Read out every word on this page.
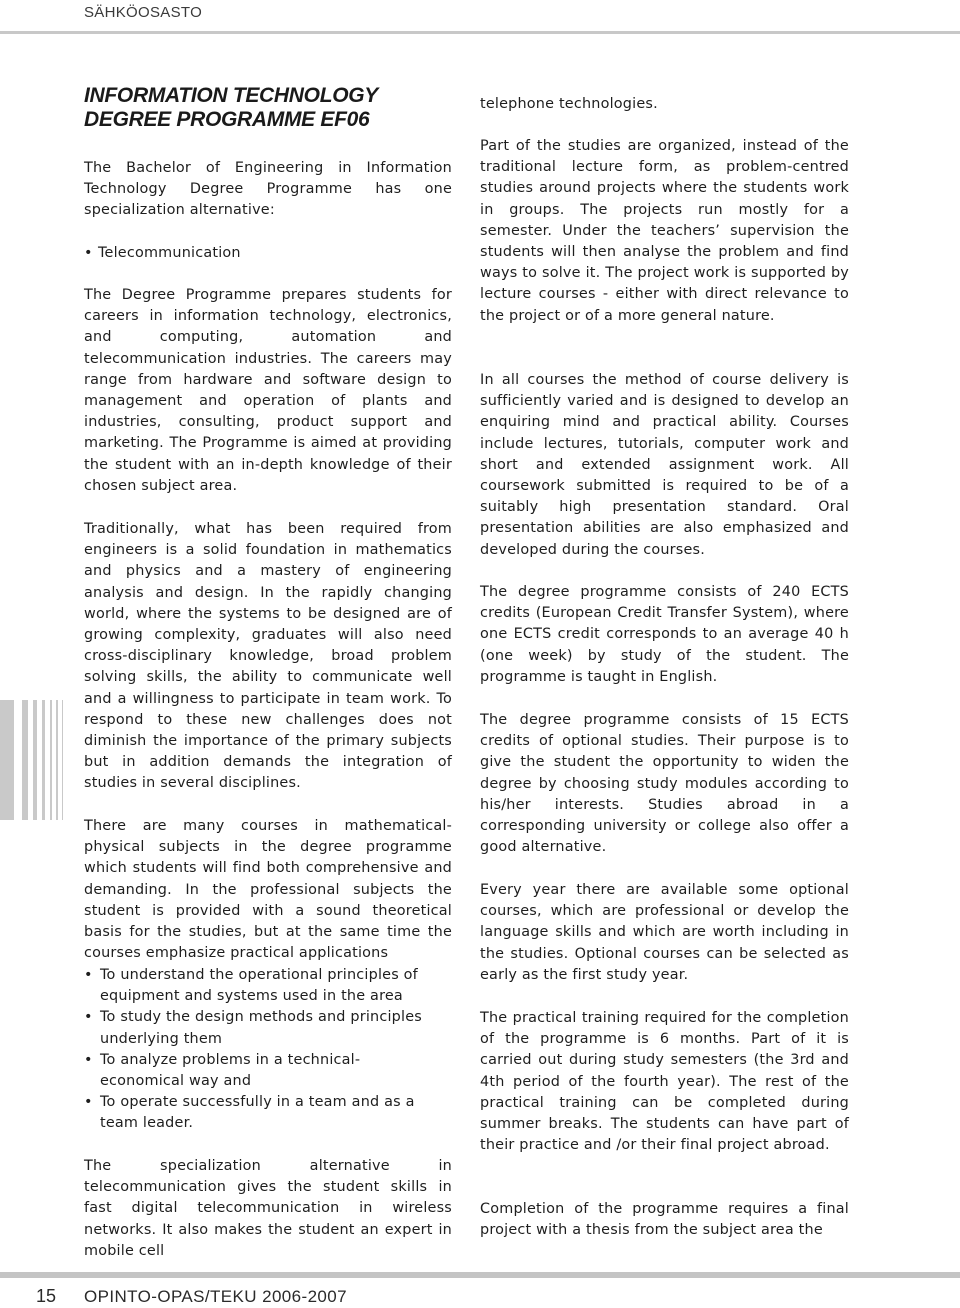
SÄHKÖOSASTO
INFORMATION TECHNOLOGY
DEGREE PROGRAMME EF06

The Bachelor of Engineering in Information Technology Degree Programme has one specialization alternative:

• Telecommunication

The Degree Programme prepares students for careers in information technology, electronics, and computing, automation and telecommunication industries. The careers may range from hardware and software design to management and operation of plants and industries, consulting, product support and marketing. The Programme is aimed at providing the student with an in-depth knowledge of their chosen subject area.

Traditionally, what has been required from engineers is a solid foundation in mathematics and physics and a mastery of engineering analysis and design. In the rapidly changing world, where the systems to be designed are of growing complexity, graduates will also need cross-disciplinary knowledge, broad problem solving skills, the ability to communicate well and a willingness to participate in team work. To respond to these new challenges does not diminish the importance of the primary subjects but in addition demands the integration of studies in several disciplines.

There are many courses in mathematical-physical subjects in the degree programme which students will find both comprehensive and demanding. In the professional subjects the student is provided with a sound theoretical basis for the studies, but at the same time the courses emphasize practical applications

• To understand the operational principles of equipment and systems used in the area
• To study the design methods and principles underlying them
• To analyze problems in a technical-economical way and
• To operate successfully in a team and as a team leader.

The specialization alternative in telecommunication gives the student skills in fast digital telecommunication in wireless networks. It also makes the student an expert in mobile cell

telephone technologies.

Part of the studies are organized, instead of the traditional lecture form, as problem-centred studies around projects where the students work in groups. The projects run mostly for a semester. Under the teachers’ supervision the students will then analyse the problem and find ways to solve it. The project work is supported by lecture courses - either with direct relevance to the project or of a more general nature.

In all courses the method of course delivery is sufficiently varied and is designed to develop an enquiring mind and practical ability. Courses include lectures, tutorials, computer work and short and extended assignment work. All coursework submitted is required to be of a suitably high presentation standard. Oral presentation abilities are also emphasized and developed during the courses.

The degree programme consists of 240 ECTS credits (European Credit Transfer System), where one ECTS credit corresponds to an average 40 h (one week) by study of the student. The programme is taught in English.

The degree programme consists of 15 ECTS credits of optional studies. Their purpose is to give the student the opportunity to widen the degree by choosing study modules according to his/her interests. Studies abroad in a corresponding university or college also offer a good alternative.

Every year there are available some optional courses, which are professional or develop the language skills and which are worth including in the studies. Optional courses can be selected as early as the first study year.

The practical training required for the completion of the programme is 6 months. Part of it is carried out during study semesters (the 3rd and 4th period of the fourth year). The rest of the practical training can be completed during summer breaks. The students can have part of their practice and /or their final project abroad.

Completion of the programme requires a final project with a thesis from the subject area the

15 OPINTO-OPAS/TEKU 2006-2007
